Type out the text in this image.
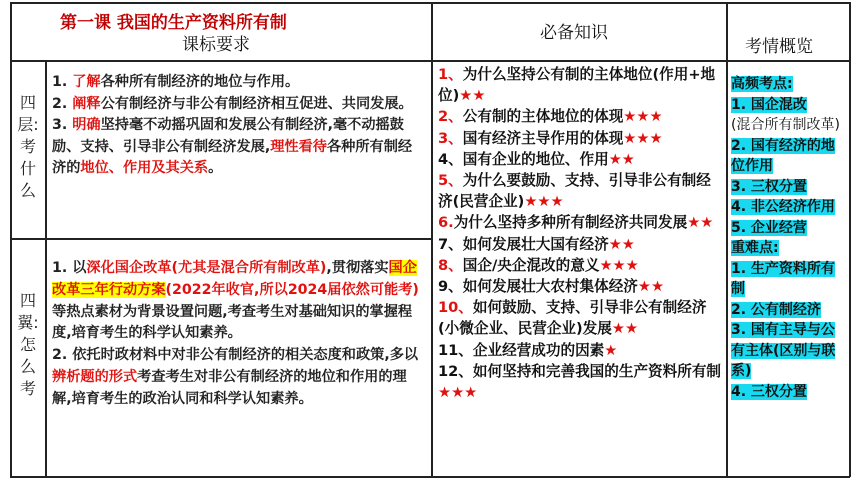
第一课 我国的生产资料所有制
课标要求
必备知识
考情概览
四
层:
考
什
么
四
翼:
怎
么
考

1. 了解各种所有制经济的地位与作用。

2. 阐释公有制经济与非公有制经济相互促进、共同发展。

3. 明确坚持毫不动摇巩固和发展公有制经济,毫不动摇鼓励、支持、引导非公有制经济发展,理性看待各种所有制经济的地位、作用及其关系。

1. 以深化国企改革(尤其是混合所有制改革),贯彻落实国企改革三年行动方案(2022年收官,所以2024届依然可能考)等热点素材为背景设置问题,考查考生对基础知识的掌握程度,培育考生的科学认知素养。

2. 依托时政材料中对非公有制经济的相关态度和政策,多以辨析题的形式考查考生对非公有制经济的地位和作用的理解,培育考生的政治认同和科学认知素养。

1、为什么坚持公有制的主体地位(作用+地位)★★

2、公有制的主体地位的体现★★★

3、国有经济主导作用的体现★★★

4、国有企业的地位、作用★★

5、为什么要鼓励、支持、引导非公有制经济(民营企业)★★★

6.为什么坚持多种所有制经济共同发展★★

7、如何发展壮大国有经济★★

8、国企/央企混改的意义★★★

9、如何发展壮大农村集体经济★★

10、如何鼓励、支持、引导非公有制经济(小微企业、民营企业)发展★★

11、企业经营成功的因素★

12、如何坚持和完善我国的生产资料所有制★★★

高频考点:

1. 国企混改

(混合所有制改革)

2. 国有经济的地位作用

3. 三权分置

4. 非公经济作用

5. 企业经营

重难点:

1. 生产资料所有制

2. 公有制经济

3. 国有主导与公有主体(区别与联系)

4. 三权分置
